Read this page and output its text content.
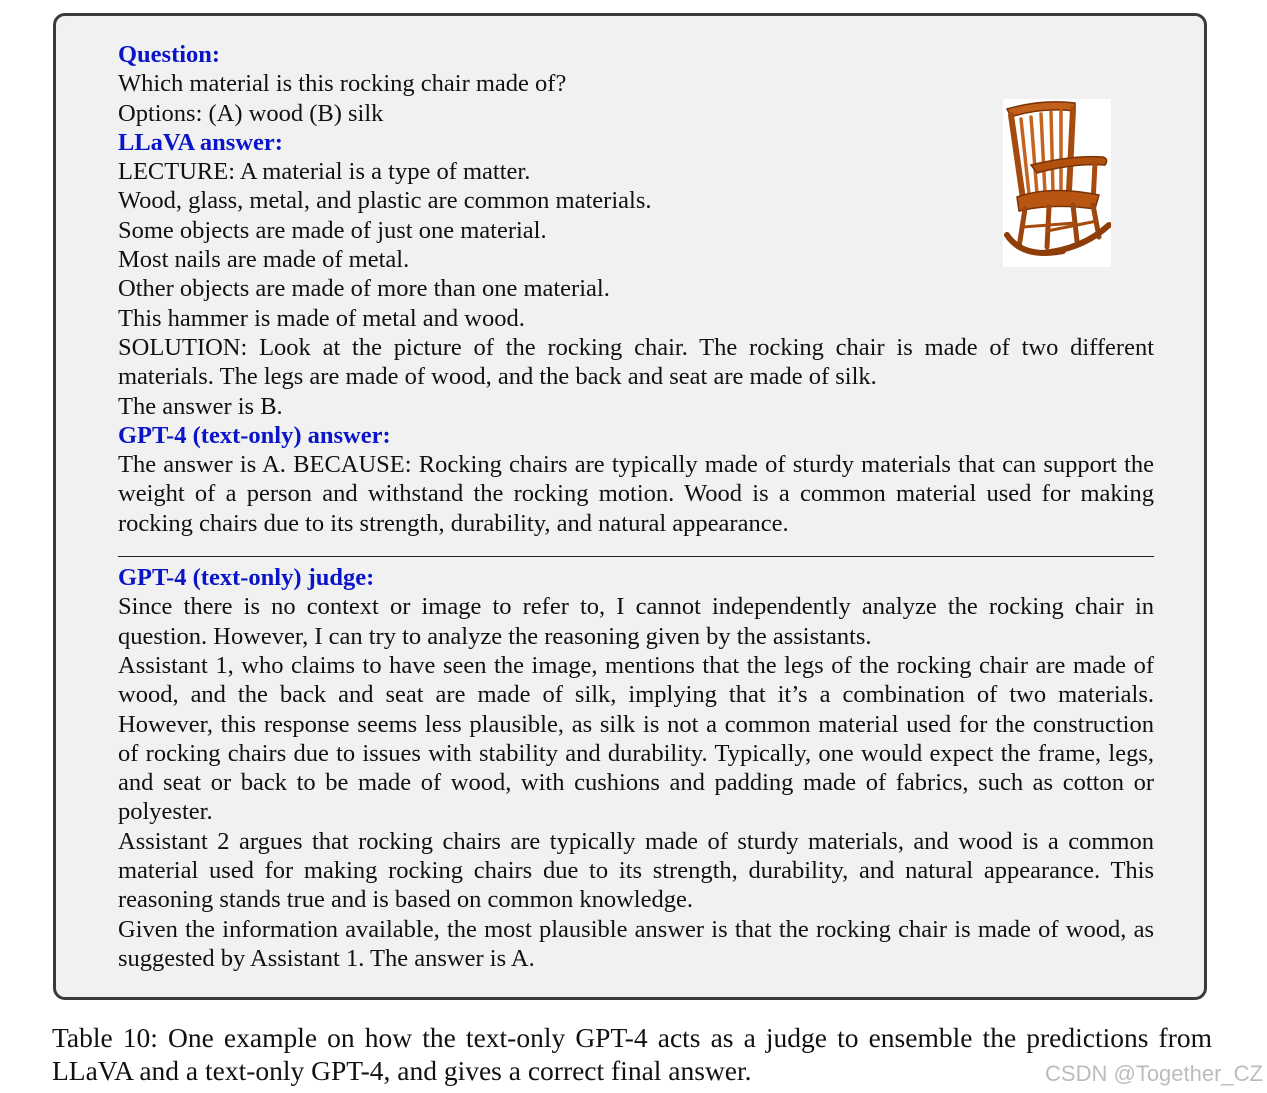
Question:

Which material is this rocking chair made of?

Options: (A) wood (B) silk

LLaVA answer:

LECTURE: A material is a type of matter.

Wood, glass, metal, and plastic are common materials.

Some objects are made of just one material.

Most nails are made of metal.

Other objects are made of more than one material.

This hammer is made of metal and wood.

SOLUTION: Look at the picture of the rocking chair. The rocking chair is made of two different materials. The legs are made of wood, and the back and seat are made of silk.

The answer is B.

GPT-4 (text-only) answer:

The answer is A. BECAUSE: Rocking chairs are typically made of sturdy materials that can support the weight of a person and withstand the rocking motion. Wood is a common material used for making rocking chairs due to its strength, durability, and natural appearance.

GPT-4 (text-only) judge:

Since there is no context or image to refer to, I cannot independently analyze the rocking chair in question. However, I can try to analyze the reasoning given by the assistants.

Assistant 1, who claims to have seen the image, mentions that the legs of the rocking chair are made of wood, and the back and seat are made of silk, implying that it’s a combination of two materials. However, this response seems less plausible, as silk is not a common material used for the construction of rocking chairs due to issues with stability and durability. Typically, one would expect the frame, legs, and seat or back to be made of wood, with cushions and padding made of fabrics, such as cotton or polyester.

Assistant 2 argues that rocking chairs are typically made of sturdy materials, and wood is a common material used for making rocking chairs due to its strength, durability, and natural appearance. This reasoning stands true and is based on common knowledge.

Given the information available, the most plausible answer is that the rocking chair is made of wood, as suggested by Assistant 1. The answer is A.

Table 10: One example on how the text-only GPT-4 acts as a judge to ensemble the predictions from LLaVA and a text-only GPT-4, and gives a correct final answer.	CSDN @Together_CZ
